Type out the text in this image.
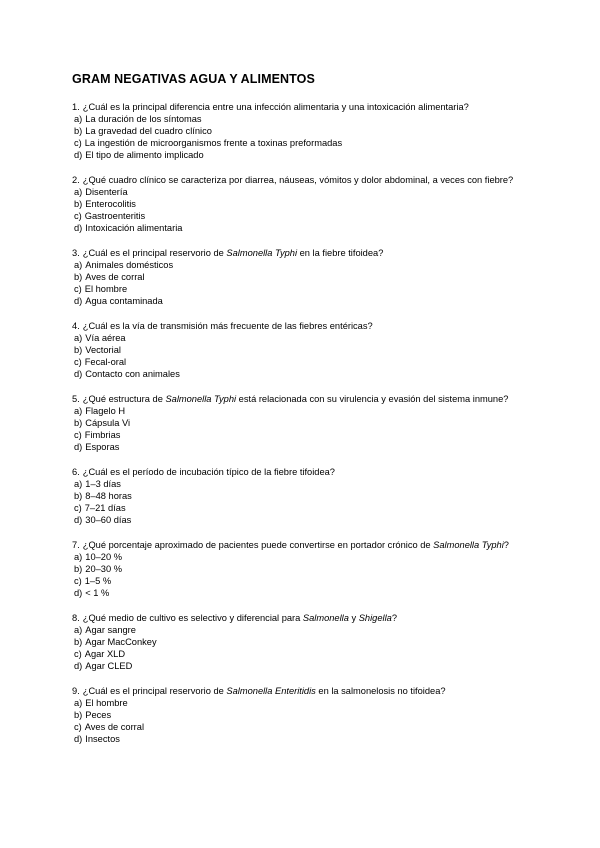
GRAM NEGATIVAS AGUA Y ALIMENTOS

1. ¿Cuál es la principal diferencia entre una infección alimentaria y una intoxicación alimentaria?

a) La duración de los síntomas

b) La gravedad del cuadro clínico

c) La ingestión de microorganismos frente a toxinas preformadas

d) El tipo de alimento implicado

2. ¿Qué cuadro clínico se caracteriza por diarrea, náuseas, vómitos y dolor abdominal, a veces con fiebre?

a) Disentería

b) Enterocolitis

c) Gastroenteritis

d) Intoxicación alimentaria

3. ¿Cuál es el principal reservorio de Salmonella Typhi en la fiebre tifoidea?

a) Animales domésticos

b) Aves de corral

c) El hombre

d) Agua contaminada

4. ¿Cuál es la vía de transmisión más frecuente de las fiebres entéricas?

a) Vía aérea

b) Vectorial

c) Fecal-oral

d) Contacto con animales

5. ¿Qué estructura de Salmonella Typhi está relacionada con su virulencia y evasión del sistema inmune?

a) Flagelo H

b) Cápsula Vi

c) Fimbrias

d) Esporas

6. ¿Cuál es el período de incubación típico de la fiebre tifoidea?

a) 1–3 días

b) 8–48 horas

c) 7–21 días

d) 30–60 días

7. ¿Qué porcentaje aproximado de pacientes puede convertirse en portador crónico de Salmonella Typhi?

a) 10–20 %

b) 20–30 %

c) 1–5 %

d) < 1 %

8. ¿Qué medio de cultivo es selectivo y diferencial para Salmonella y Shigella?

a) Agar sangre

b) Agar MacConkey

c) Agar XLD

d) Agar CLED

9. ¿Cuál es el principal reservorio de Salmonella Enteritidis en la salmonelosis no tifoidea?

a) El hombre

b) Peces

c) Aves de corral

d) Insectos
